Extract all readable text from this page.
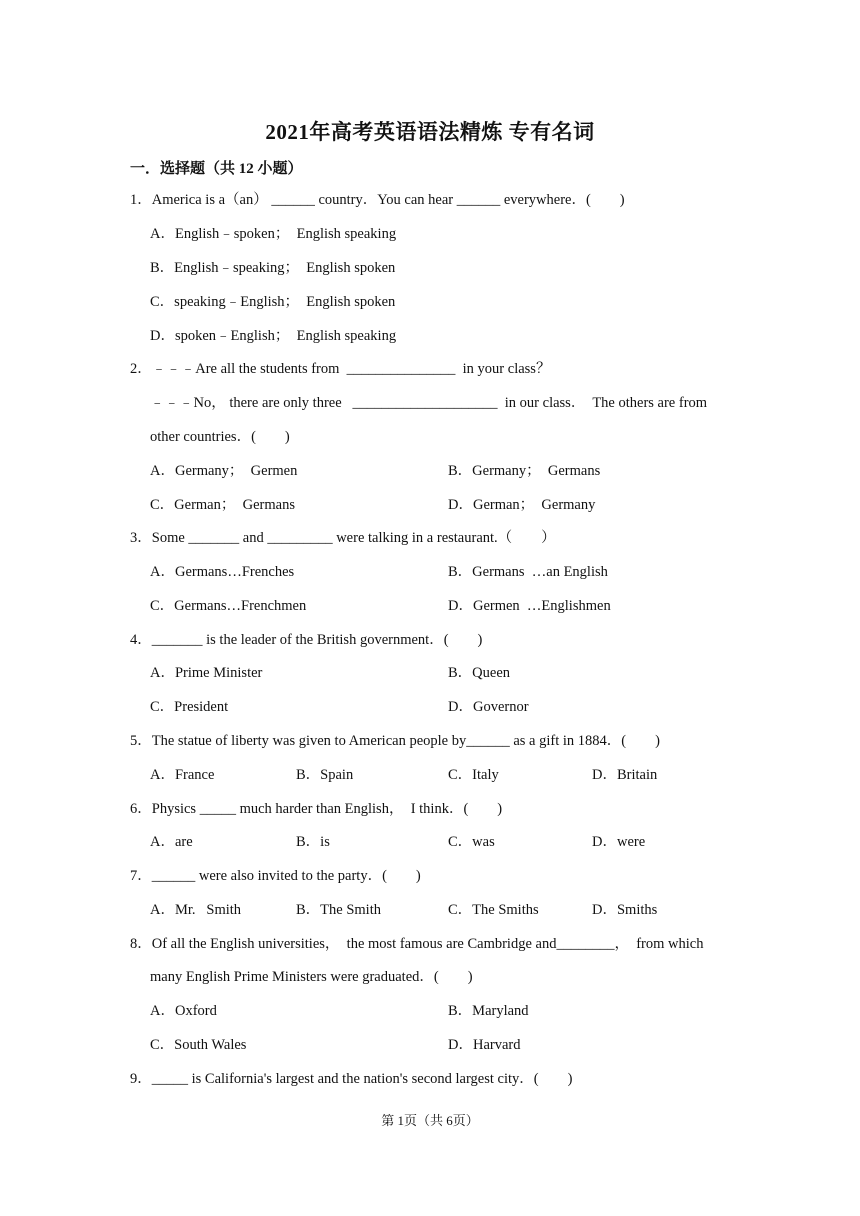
2021年高考英语语法精炼 专有名词
一．选择题（共 12 小题）
1．America is a（an） ______ country．You can hear ______ everywhere．(　　)
A．English﹣spoken；  English speaking
B．English﹣speaking；  English spoken
C．speaking﹣English；  English spoken
D．spoken﹣English；  English speaking
2．﹣﹣﹣Are all the students from  _______________  in your class？
﹣﹣﹣No， there are only three   ____________________  in our class．  The others are from
other countries．(　　)
A．Germany；  Germen	B．Germany；  Germans
C．German；  Germans	D．German；  Germany
3．Some _______ and _________ were talking in a restaurant.（　　）
A．Germans…Frenches	B．Germans  …an English
C．Germans…Frenchmen	D．Germen  …Englishmen
4．_______ is the leader of the British government．(　　)
A．Prime Minister	B．Queen
C．President	D．Governor
5．The statue of liberty was given to American people by______ as a gift in 1884．(　　)
A．France	B．Spain	C．Italy	D．Britain
6．Physics _____ much harder than English，  I think．(　　)
A．are	B．is	C．was	D．were
7．______ were also invited to the party．(　　)
A．Mr.   Smith	B．The Smith	C．The Smiths	D．Smiths
8．Of all the English universities，  the most famous are Cambridge and________，  from which
many English Prime Ministers were graduated．(　　)
A．Oxford	B．Maryland
C．South Wales	D．Harvard
9．_____ is California's largest and the nation's second largest city．(　　)
第 1页（共 6页）
